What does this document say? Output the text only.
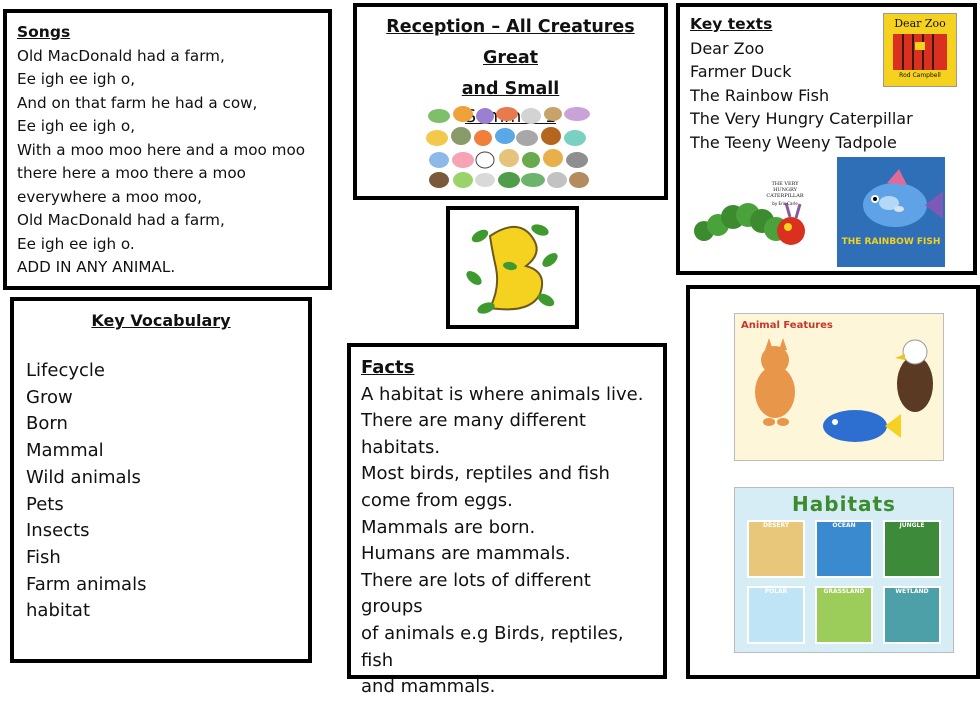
Songs
Old MacDonald had a farm,
Ee igh ee igh o,
And on that farm he had a cow,
Ee igh ee igh o,
With a moo moo here and a moo moo
there here a moo there a moo
everywhere a moo moo,
Old MacDonald had a farm,
Ee igh ee igh o.
ADD IN ANY ANIMAL.
Reception – All Creatures Great
and Small
Key texts
Dear Zoo
Farmer Duck
The Rainbow Fish
The Very Hungry Caterpillar
The Teeny Weeny Tadpole
Dear Zoo
Rod Campbell
THE VERY HUNGRY CATERPILLAR
by Eric Carle
THE RAINBOW FISH
Key Vocabulary
Lifecycle
Grow
Born
Mammal
Wild animals
Pets
Insects
Fish
Farm animals
habitat
Facts
A habitat is where animals live.
There are many different
habitats.
Most birds, reptiles and fish
come from eggs.
Mammals are born.
Humans are mammals.
There are lots of different groups
of animals e.g Birds, reptiles, fish
and mammals.
Animal Features
Habitats
DESERT	OCEAN	JUNGLE
POLAR	GRASSLAND	WETLAND
